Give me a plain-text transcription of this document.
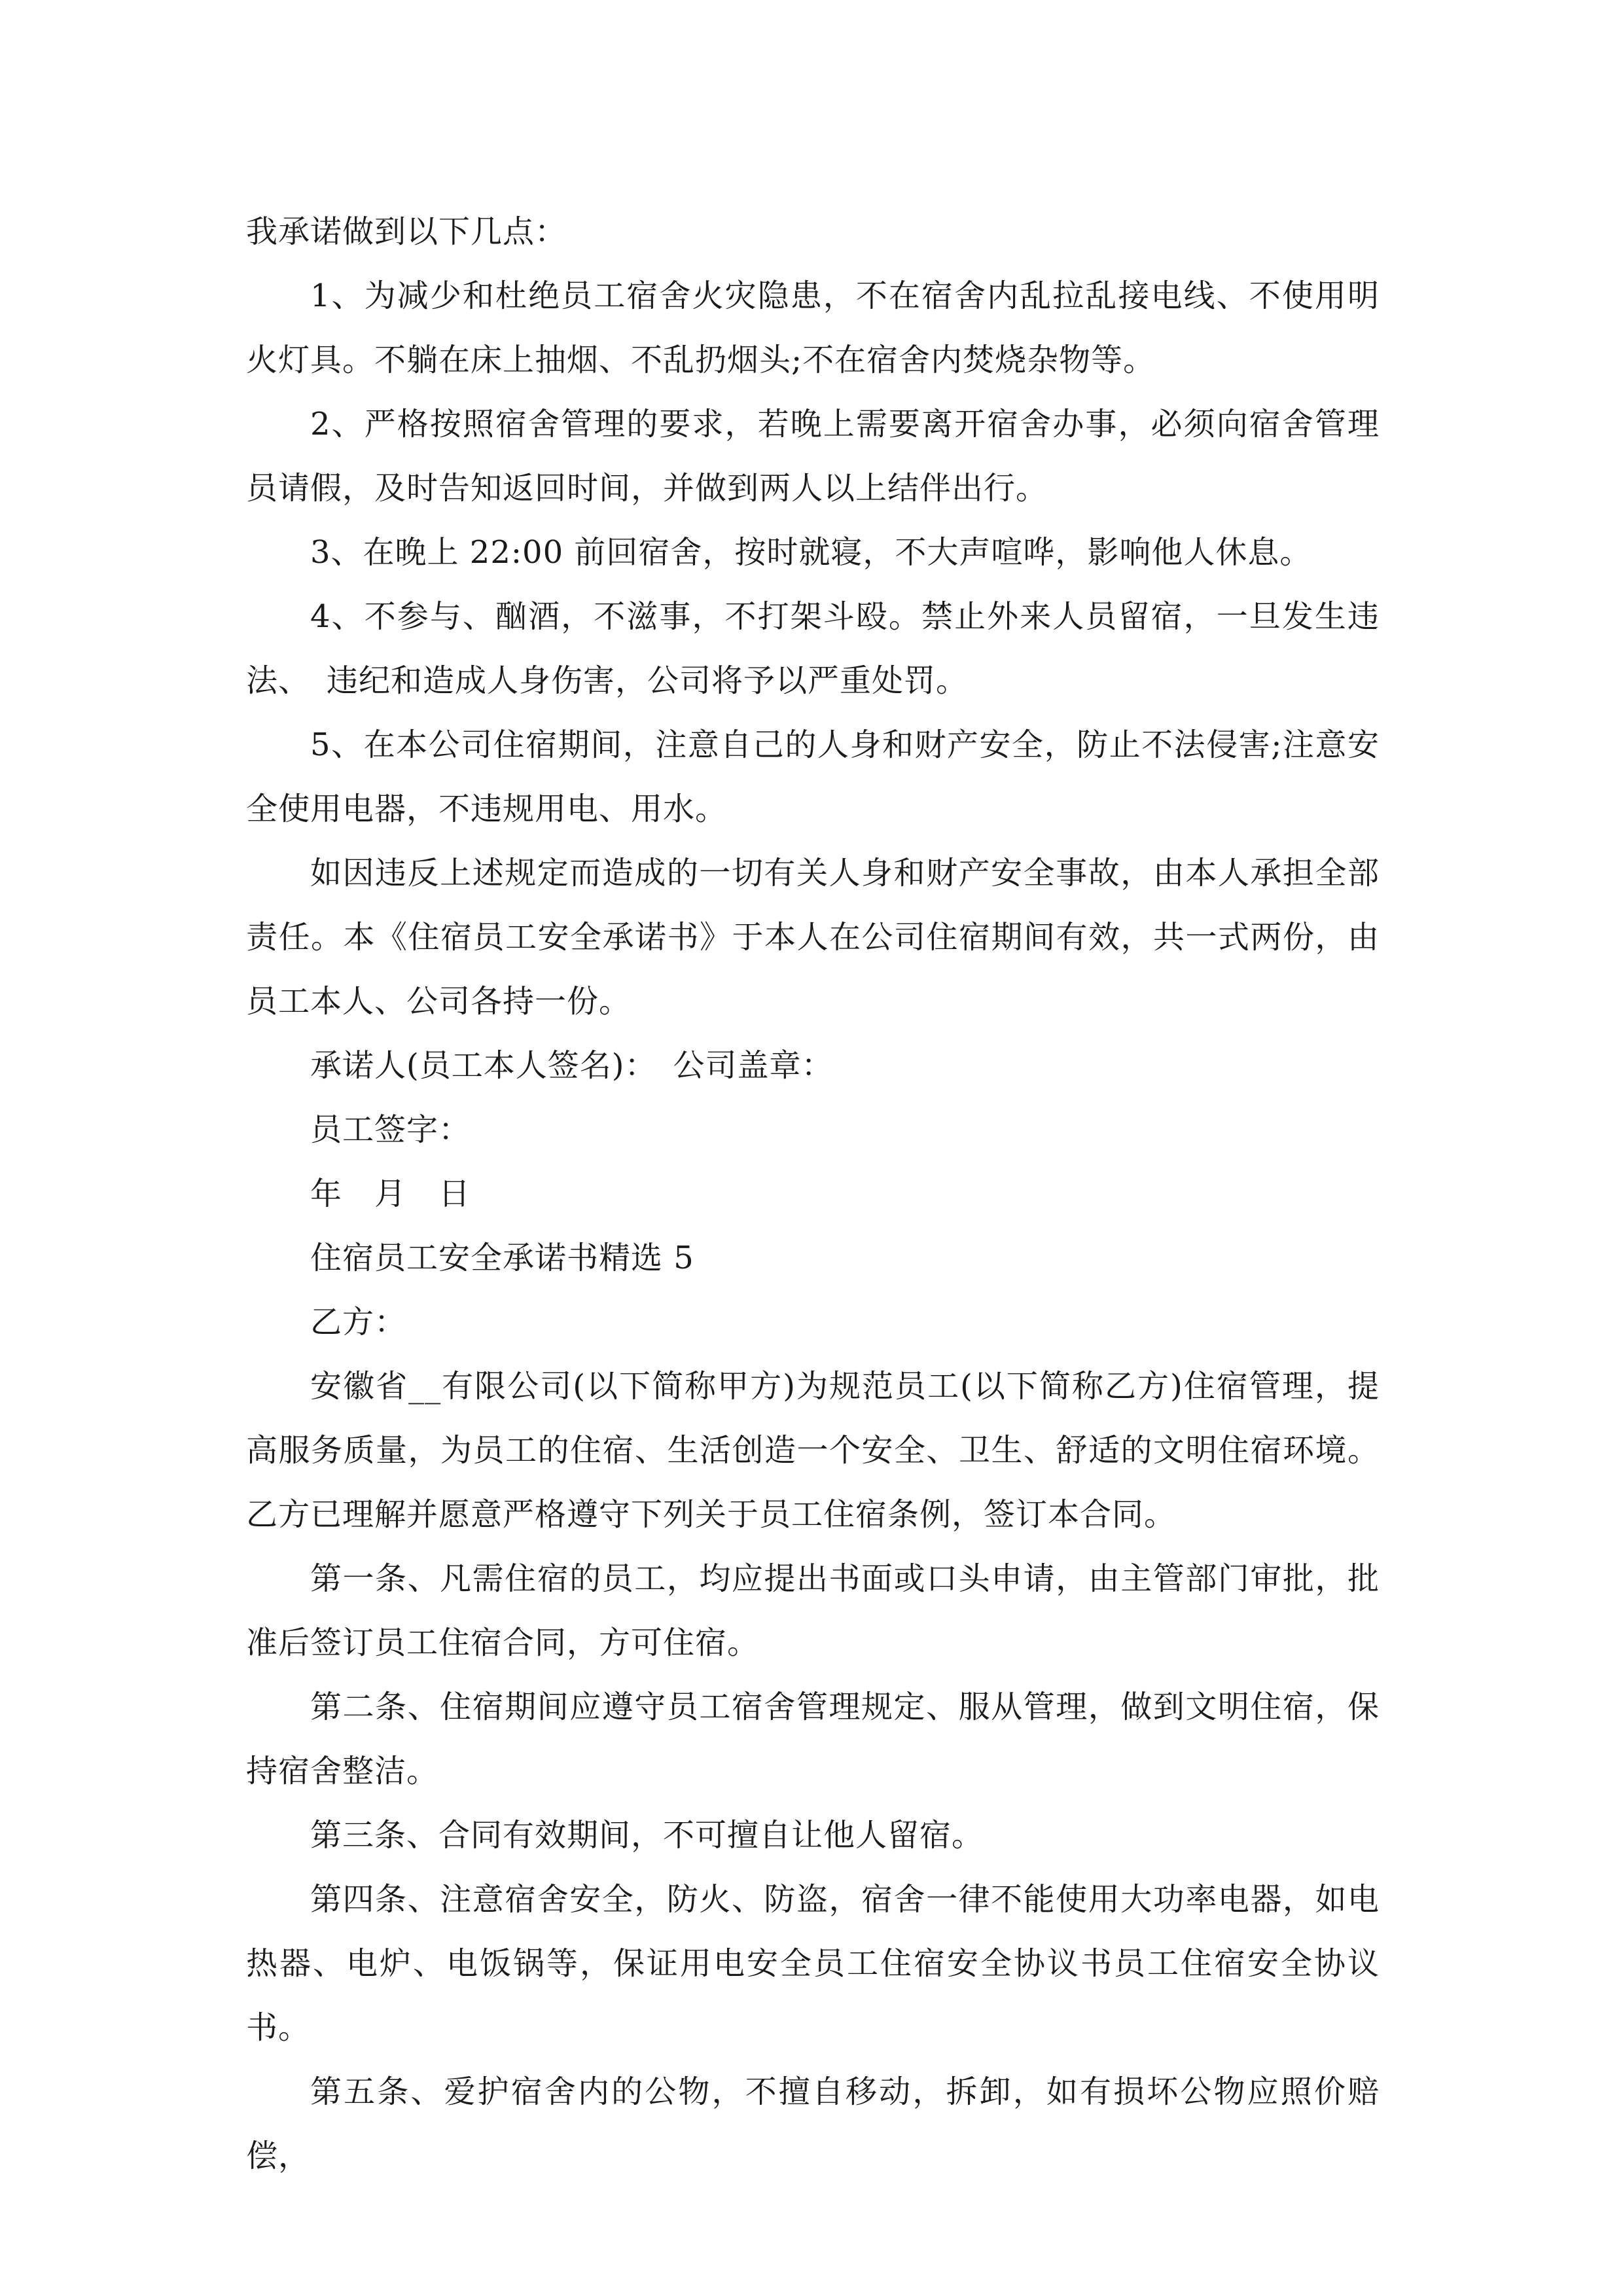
我承诺做到以下几点：

1、为减少和杜绝员工宿舍火灾隐患，不在宿舍内乱拉乱接电线、不使用明火灯具。不躺在床上抽烟、不乱扔烟头;不在宿舍内焚烧杂物等。

2、严格按照宿舍管理的要求，若晚上需要离开宿舍办事，必须向宿舍管理员请假，及时告知返回时间，并做到两人以上结伴出行。

3、在晚上 22:00 前回宿舍，按时就寝，不大声喧哗，影响他人休息。

4、不参与、酗酒，不滋事，不打架斗殴。禁止外来人员留宿，一旦发生违法、　违纪和造成人身伤害，公司将予以严重处罚。

5、在本公司住宿期间，注意自己的人身和财产安全，防止不法侵害;注意安全使用电器，不违规用电、用水。

如因违反上述规定而造成的一切有关人身和财产安全事故，由本人承担全部责任。本《住宿员工安全承诺书》于本人在公司住宿期间有效，共一式两份，由员工本人、公司各持一份。

承诺人(员工本人签名)：　公司盖章：

员工签字：

年　月　日

住宿员工安全承诺书精选 5

乙方：

安徽省__有限公司(以下简称甲方)为规范员工(以下简称乙方)住宿管理，提高服务质量，为员工的住宿、生活创造一个安全、卫生、舒适的文明住宿环境。乙方已理解并愿意严格遵守下列关于员工住宿条例，签订本合同。

第一条、凡需住宿的员工，均应提出书面或口头申请，由主管部门审批，批准后签订员工住宿合同，方可住宿。

第二条、住宿期间应遵守员工宿舍管理规定、服从管理，做到文明住宿，保持宿舍整洁。

第三条、合同有效期间，不可擅自让他人留宿。

第四条、注意宿舍安全，防火、防盗，宿舍一律不能使用大功率电器，如电热器、电炉、电饭锅等，保证用电安全员工住宿安全协议书员工住宿安全协议书。

第五条、爱护宿舍内的公物，不擅自移动，拆卸，如有损坏公物应照价赔偿，
